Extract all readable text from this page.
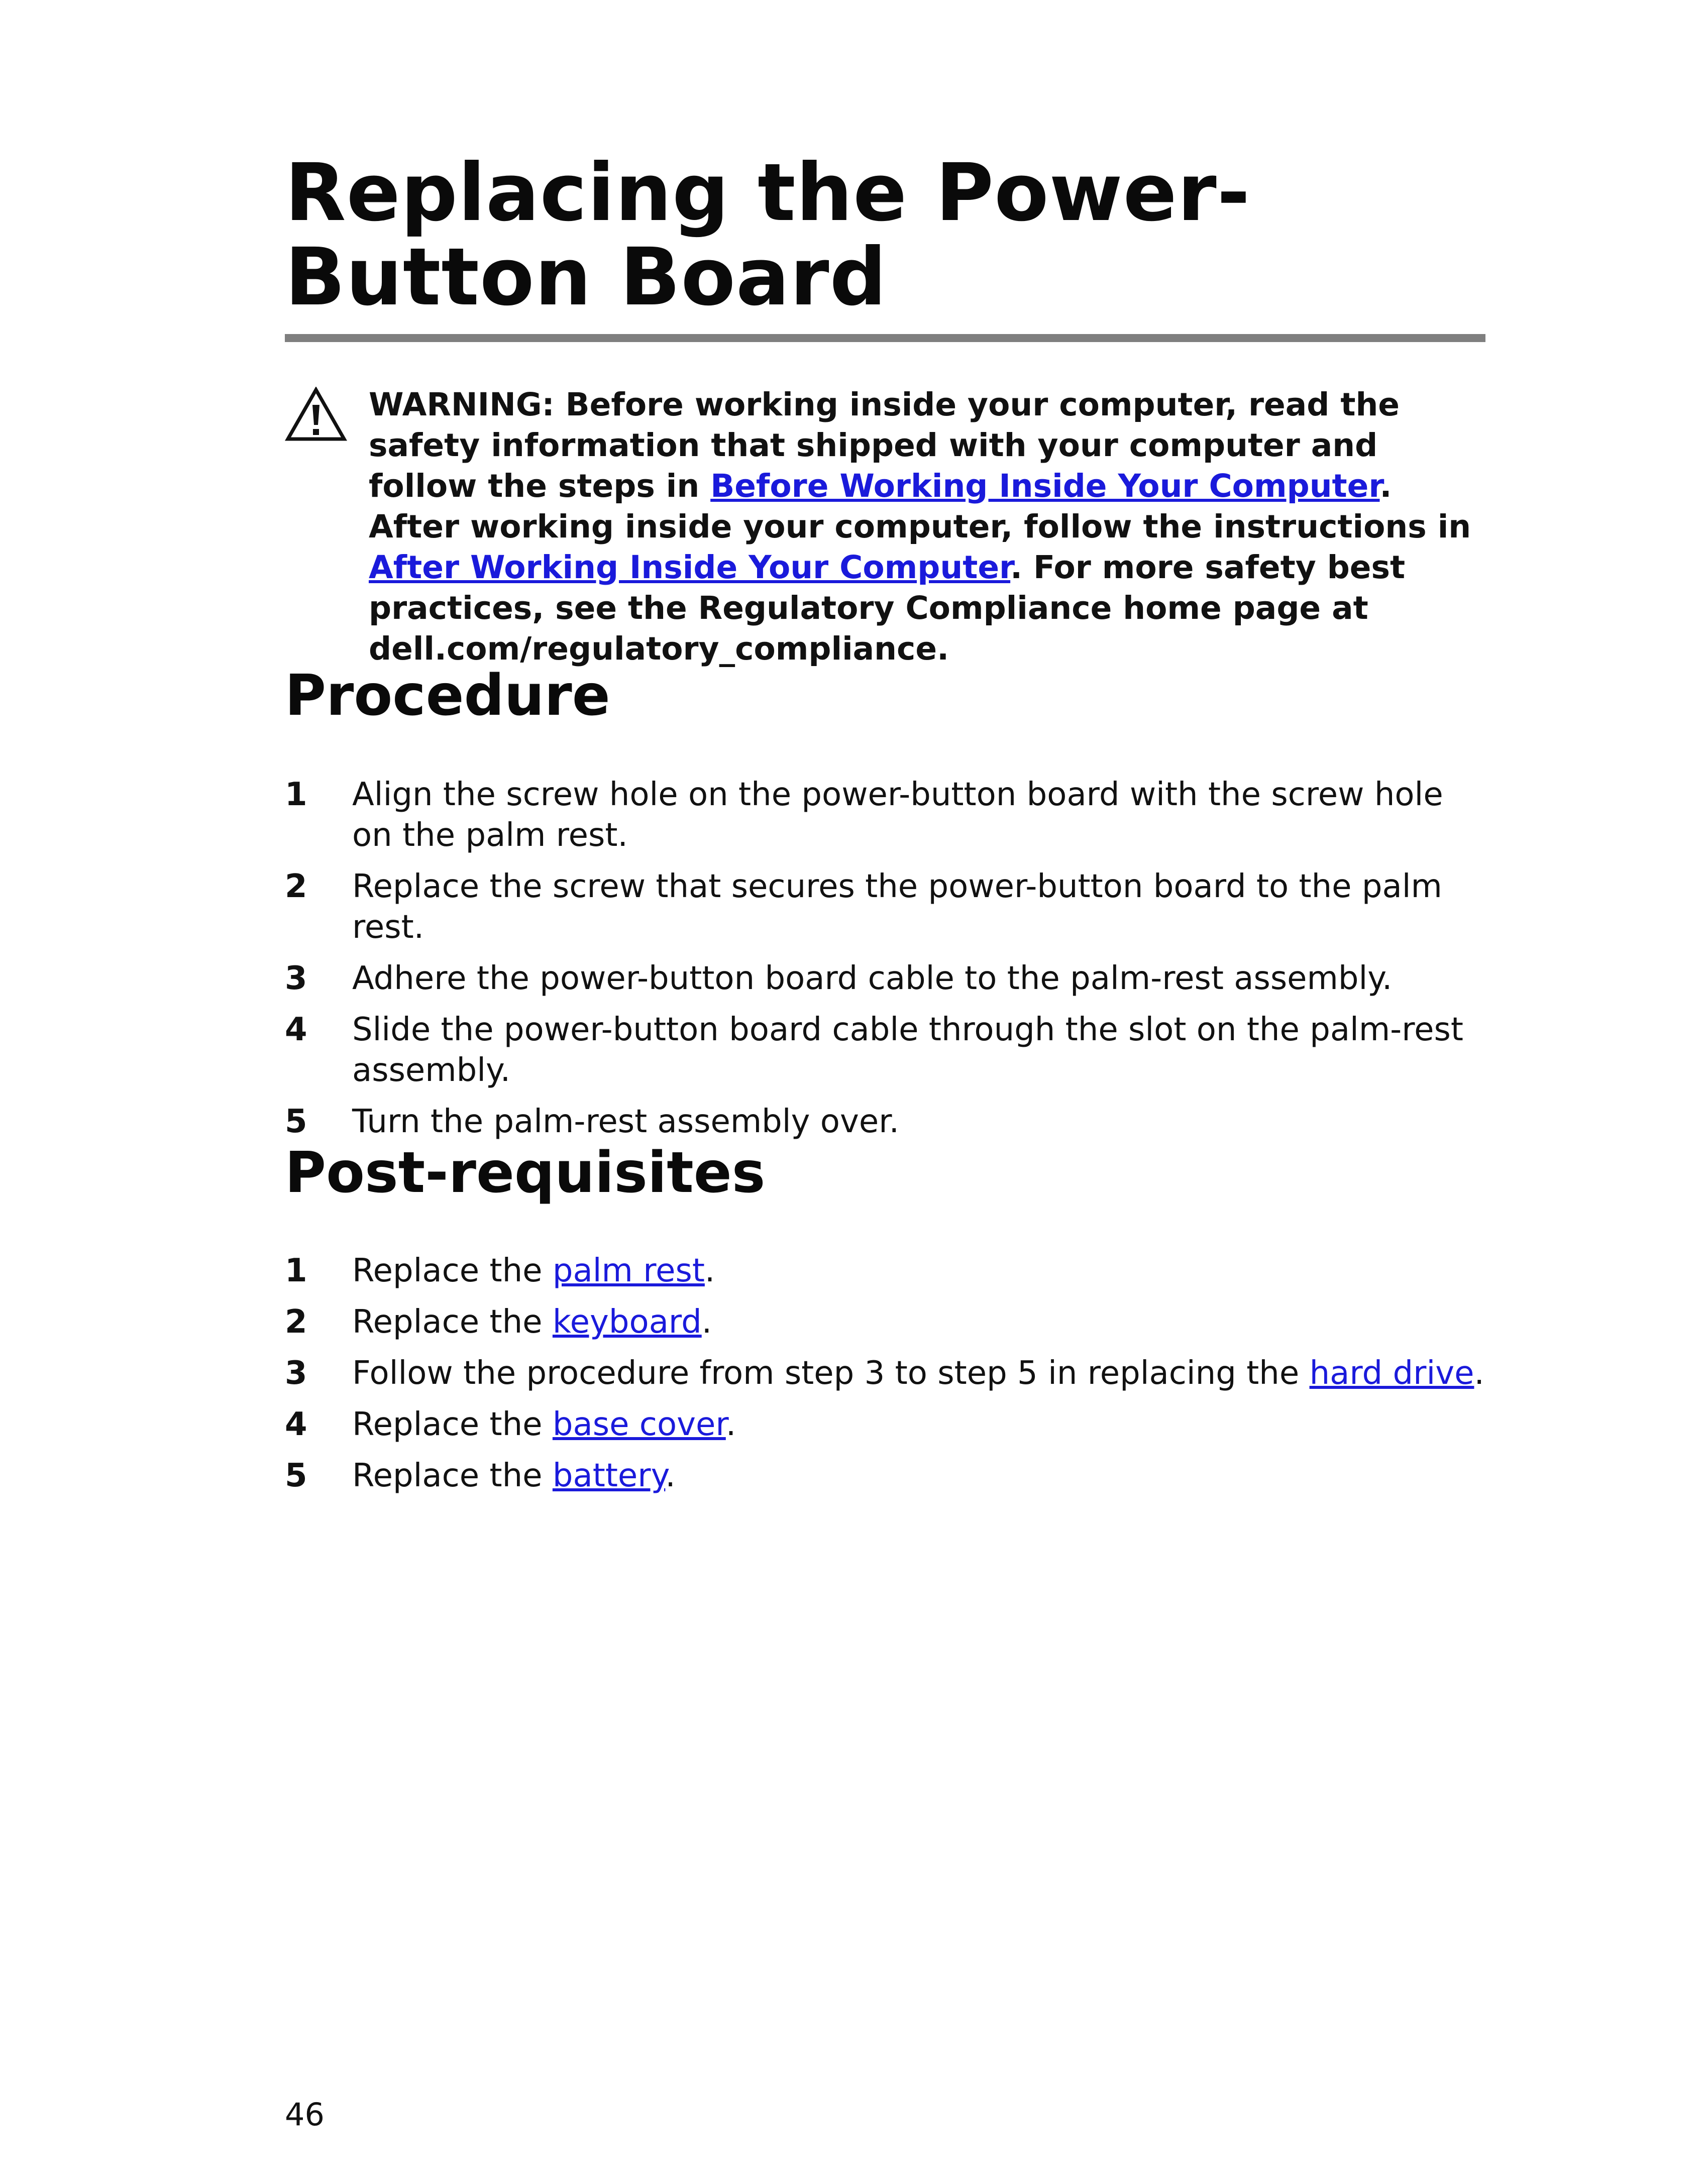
Replacing the Power-Button Board

WARNING: Before working inside your computer, read the safety information that shipped with your computer and follow the steps in Before Working Inside Your Computer. After working inside your computer, follow the instructions in After Working Inside Your Computer. For more safety best practices, see the Regulatory Compliance home page at dell.com/regulatory_compliance.

Procedure
1 Align the screw hole on the power-button board with the screw hole on the palm rest.
2 Replace the screw that secures the power-button board to the palm rest.
3 Adhere the power-button board cable to the palm-rest assembly.
4 Slide the power-button board cable through the slot on the palm-rest assembly.
5 Turn the palm-rest assembly over.
Post-requisites
1 Replace the palm rest.
2 Replace the keyboard.
3 Follow the procedure from step 3 to step 5 in replacing the hard drive.
4 Replace the base cover.
5 Replace the battery.
46
